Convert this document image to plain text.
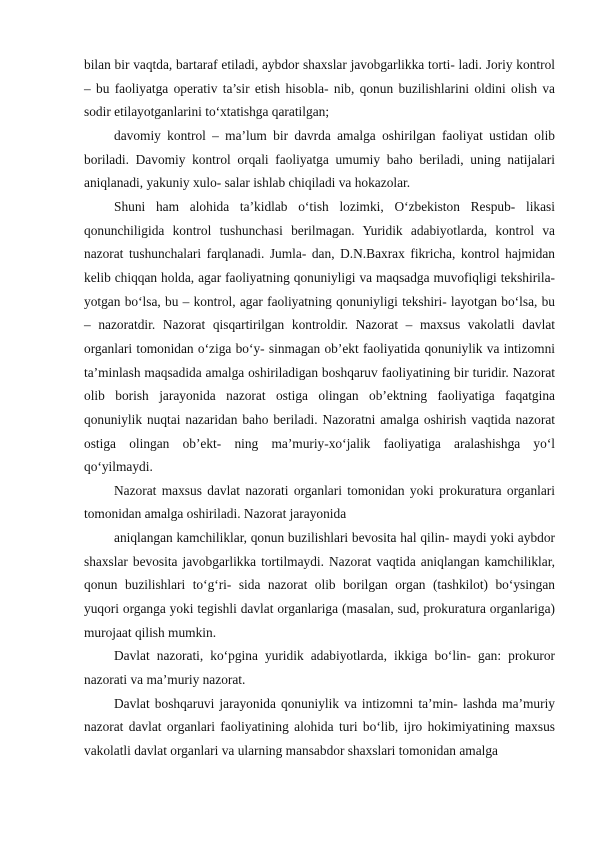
bilan bir vaqtda, bartaraf etiladi, aybdor shaxslar javobgarlikka torti- ladi. Joriy kontrol – bu faoliyatga operativ ta’sir etish hisobla- nib, qonun buzilishlarini oldini olish va sodir etilayotganlarini to‘xtatishga qaratilgan;

davomiy kontrol – ma’lum bir davrda amalga oshirilgan faoliyat ustidan olib boriladi. Davomiy kontrol orqali faoliyatga umumiy baho beriladi, uning natijalari aniqlanadi, yakuniy xulo- salar ishlab chiqiladi va hokazolar.

Shuni ham alohida ta’kidlab o‘tish lozimki, O‘zbekiston Respub- likasi qonunchiligida kontrol tushunchasi berilmagan. Yuridik adabiyotlarda, kontrol va nazorat tushunchalari farqlanadi. Jumla- dan, D.N.Baxrax fikricha, kontrol hajmidan kelib chiqqan holda, agar faoliyatning qonuniyligi va maqsadga muvofiqligi tekshirila- yotgan bo‘lsa, bu – kontrol, agar faoliyatning qonuniyligi tekshiri- layotgan bo‘lsa, bu – nazoratdir. Nazorat qisqartirilgan kontroldir. Nazorat – maxsus vakolatli davlat organlari tomonidan o‘ziga bo‘y- sinmagan ob’ekt faoliyatida qonuniylik va intizomni ta’minlash maqsadida amalga oshiriladigan boshqaruv faoliyatining bir turidir. Nazorat olib borish jarayonida nazorat ostiga olingan ob’ektning faoliyatiga faqatgina qonuniylik nuqtai nazaridan baho beriladi. Nazoratni amalga oshirish vaqtida nazorat ostiga olingan ob’ekt- ning ma’muriy-xo‘jalik faoliyatiga aralashishga yo‘l qo‘yilmaydi.

Nazorat maxsus davlat nazorati organlari tomonidan yoki prokuratura organlari tomonidan amalga oshiriladi. Nazorat jarayonida

aniqlangan kamchiliklar, qonun buzilishlari bevosita hal qilin- maydi yoki aybdor shaxslar bevosita javobgarlikka tortilmaydi. Nazorat vaqtida aniqlangan kamchiliklar, qonun buzilishlari to‘g‘ri- sida nazorat olib borilgan organ (tashkilot) bo‘ysingan yuqori organga yoki tegishli davlat organlariga (masalan, sud, prokuratura organlariga) murojaat qilish mumkin.

Davlat nazorati, ko‘pgina yuridik adabiyotlarda, ikkiga bo‘lin- gan: prokuror nazorati va ma’muriy nazorat.

Davlat boshqaruvi jarayonida qonuniylik va intizomni ta’min- lashda ma’muriy nazorat davlat organlari faoliyatining alohida turi bo‘lib, ijro hokimiyatining maxsus vakolatli davlat organlari va ularning mansabdor shaxslari tomonidan amalga
